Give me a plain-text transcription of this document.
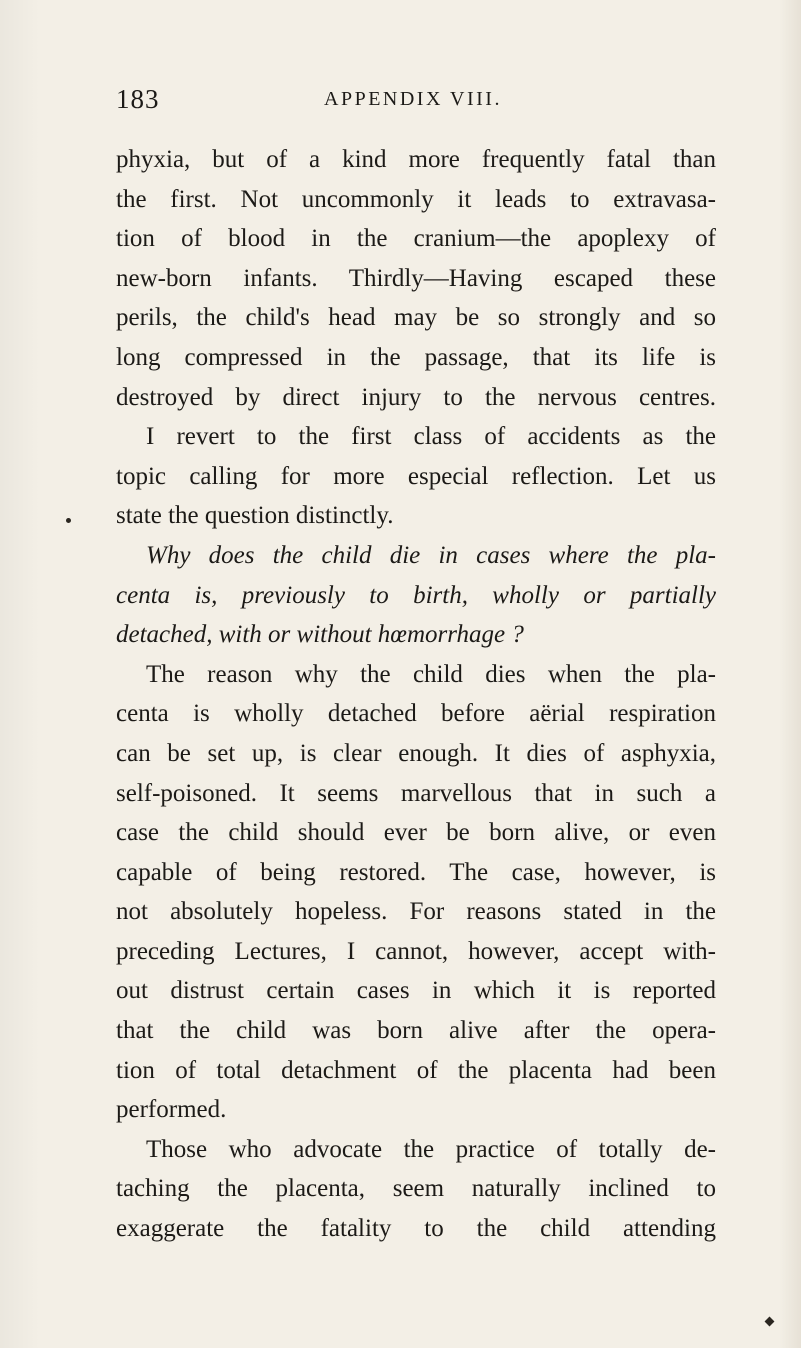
183	APPENDIX VIII.
phyxia, but of a kind more frequently fatal than
the first. Not uncommonly it leads to extravasa-
tion of blood in the cranium—the apoplexy of
new-born infants. Thirdly—Having escaped these
perils, the child's head may be so strongly and so
long compressed in the passage, that its life is
destroyed by direct injury to the nervous centres.
I revert to the first class of accidents as the
topic calling for more especial reflection. Let us
state the question distinctly.
Why does the child die in cases where the pla-
centa is, previously to birth, wholly or partially
detached, with or without hœmorrhage ?
The reason why the child dies when the pla-
centa is wholly detached before aërial respiration
can be set up, is clear enough. It dies of asphyxia,
self-poisoned. It seems marvellous that in such a
case the child should ever be born alive, or even
capable of being restored. The case, however, is
not absolutely hopeless. For reasons stated in the
preceding Lectures, I cannot, however, accept with-
out distrust certain cases in which it is reported
that the child was born alive after the opera-
tion of total detachment of the placenta had been
performed.
Those who advocate the practice of totally de-
taching the placenta, seem naturally inclined to
exaggerate the fatality to the child attending
